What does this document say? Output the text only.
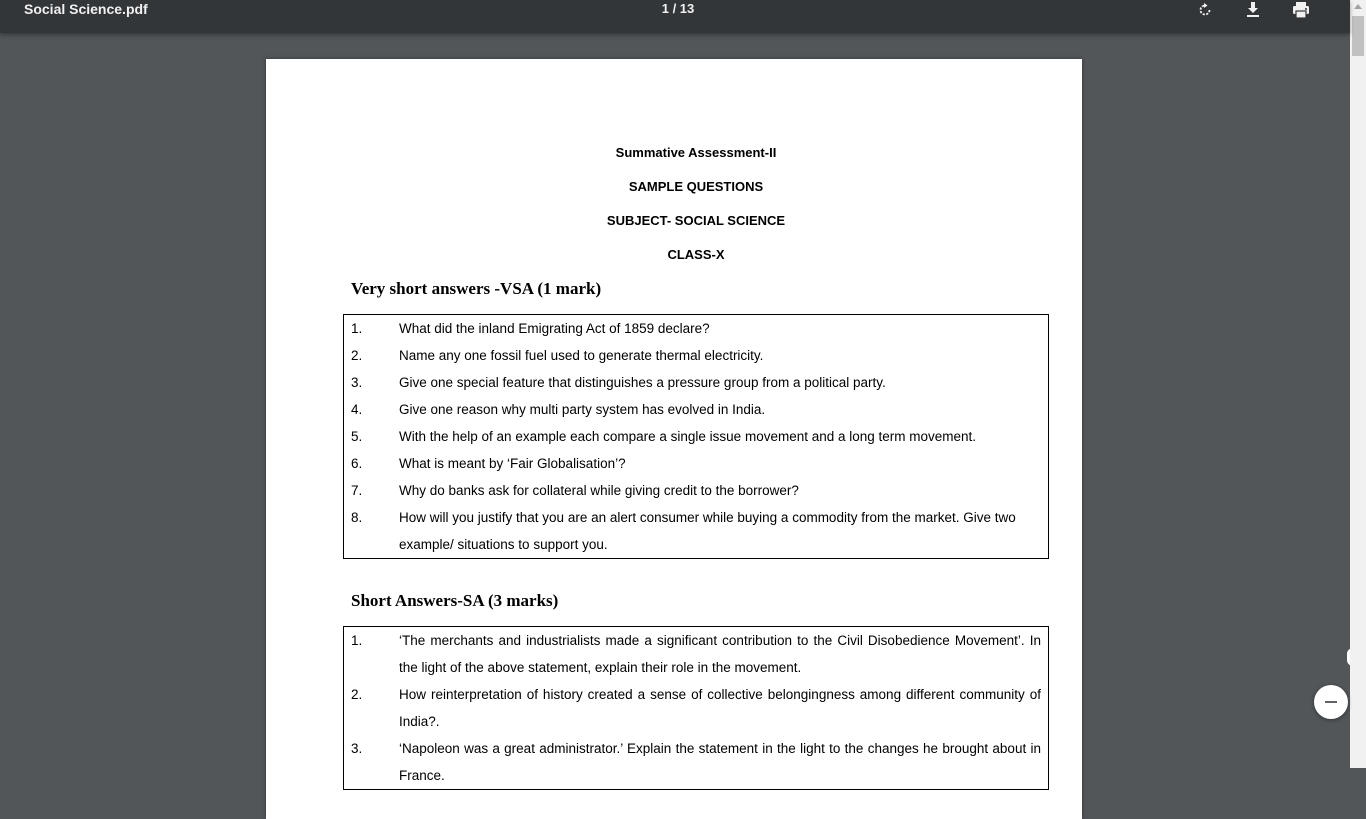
Social Science.pdf	1 / 13
Summative Assessment-II
SAMPLE QUESTIONS
SUBJECT- SOCIAL SCIENCE
CLASS-X
Very short answers -VSA (1 mark)
1.	What did the inland Emigrating Act of 1859 declare?
2.	Name any one fossil fuel used to generate thermal electricity.
3.	Give one special feature that distinguishes a pressure group from a political party.
4.	Give one reason why multi party system has evolved in India.
5.	With the help of an example each compare a single issue movement and a long term movement.
6.	What is meant by ‘Fair Globalisation’?
7.	Why do banks ask for collateral while giving credit to the borrower?
8.	How will you justify that you are an alert consumer while buying a commodity from the market. Give two example/ situations to support you.
Short Answers-SA (3 marks)
1.	‘The merchants and industrialists made a significant contribution to the Civil Disobedience Movement’. In the light of the above statement, explain their role in the movement.
2.	How reinterpretation of history created a sense of collective belongingness among different community of India?.
3.	‘Napoleon was a great administrator.’ Explain the statement in the light to the changes he brought about in France.
